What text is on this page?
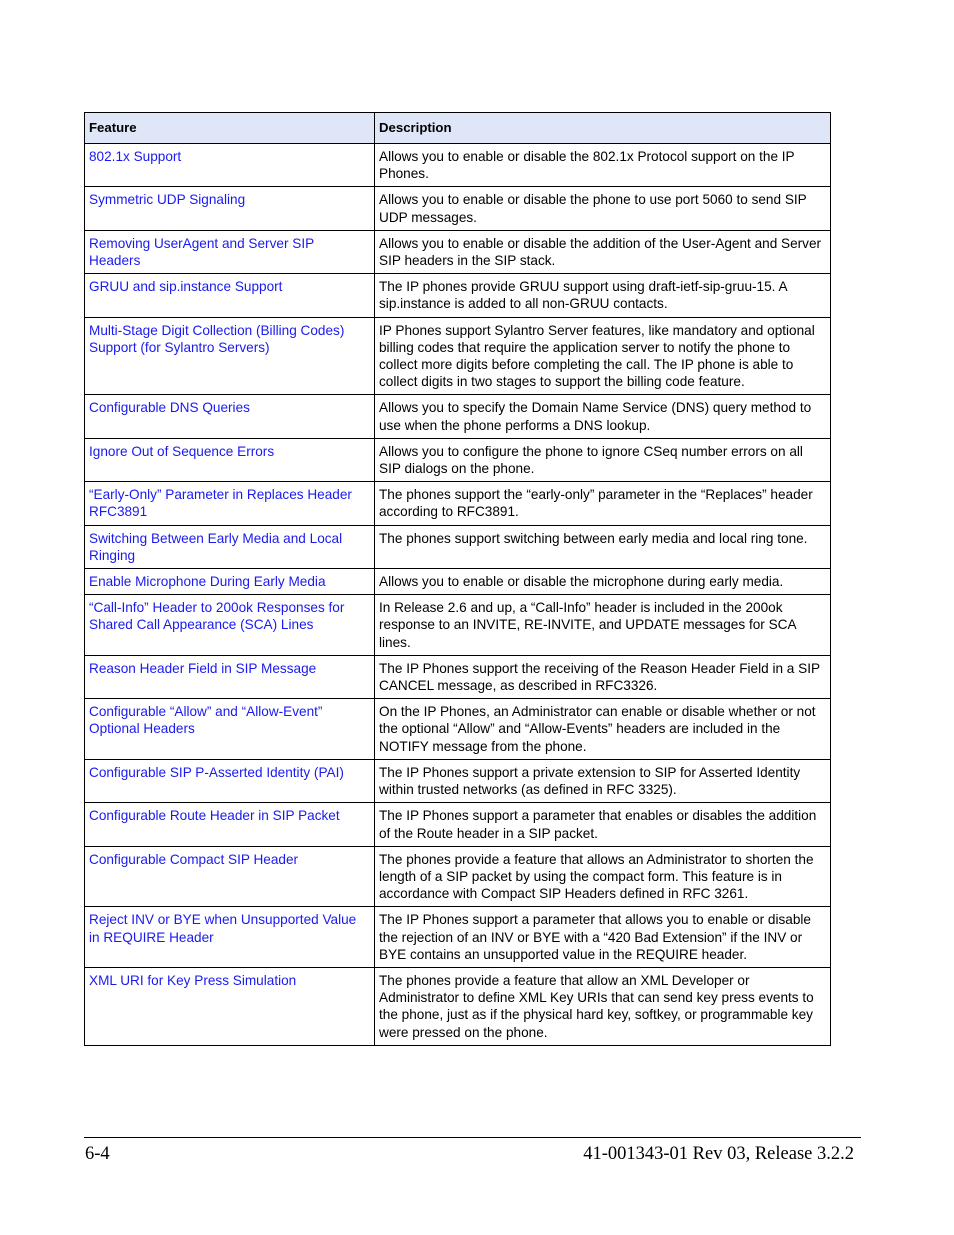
Feature	Description
802.1x Support	Allows you to enable or disable the 802.1x Protocol support on the IP Phones.
Symmetric UDP Signaling	Allows you to enable or disable the phone to use port 5060 to send SIP UDP messages.
Removing UserAgent and Server SIP Headers	Allows you to enable or disable the addition of the User-Agent and Server SIP headers in the SIP stack.
GRUU and sip.instance Support	The IP phones provide GRUU support using draft-ietf-sip-gruu-15. A sip.instance is added to all non-GRUU contacts.
Multi-Stage Digit Collection (Billing Codes) Support (for Sylantro Servers)	IP Phones support Sylantro Server features, like mandatory and optional billing codes that require the application server to notify the phone to collect more digits before completing the call. The IP phone is able to collect digits in two stages to support the billing code feature.
Configurable DNS Queries	Allows you to specify the Domain Name Service (DNS) query method to use when the phone performs a DNS lookup.
Ignore Out of Sequence Errors	Allows you to configure the phone to ignore CSeq number errors on all SIP dialogs on the phone.
“Early-Only” Parameter in Replaces Header RFC3891	The phones support the “early-only” parameter in the “Replaces” header according to RFC3891.
Switching Between Early Media and Local Ringing	The phones support switching between early media and local ring tone.
Enable Microphone During Early Media	Allows you to enable or disable the microphone during early media.
“Call-Info” Header to 200ok Responses for Shared Call Appearance (SCA) Lines	In Release 2.6 and up, a “Call-Info” header is included in the 200ok response to an INVITE, RE-INVITE, and UPDATE messages for SCA lines.
Reason Header Field in SIP Message	The IP Phones support the receiving of the Reason Header Field in a SIP CANCEL message, as described in RFC3326.
Configurable “Allow” and “Allow-Event” Optional Headers	On the IP Phones, an Administrator can enable or disable whether or not the optional “Allow” and “Allow-Events” headers are included in the NOTIFY message from the phone.
Configurable SIP P-Asserted Identity (PAI)	The IP Phones support a private extension to SIP for Asserted Identity within trusted networks (as defined in RFC 3325).
Configurable Route Header in SIP Packet	The IP Phones support a parameter that enables or disables the addition of the Route header in a SIP packet.
Configurable Compact SIP Header	The phones provide a feature that allows an Administrator to shorten the length of a SIP packet by using the compact form. This feature is in accordance with Compact SIP Headers defined in RFC 3261.
Reject INV or BYE when Unsupported Value in REQUIRE Header	The IP Phones support a parameter that allows you to enable or disable the rejection of an INV or BYE with a “420 Bad Extension” if the INV or BYE contains an unsupported value in the REQUIRE header.
XML URI for Key Press Simulation	The phones provide a feature that allow an XML Developer or Administrator to define XML Key URIs that can send key press events to the phone, just as if the physical hard key, softkey, or programmable key were pressed on the phone.
6-4	41-001343-01 Rev 03, Release 3.2.2
